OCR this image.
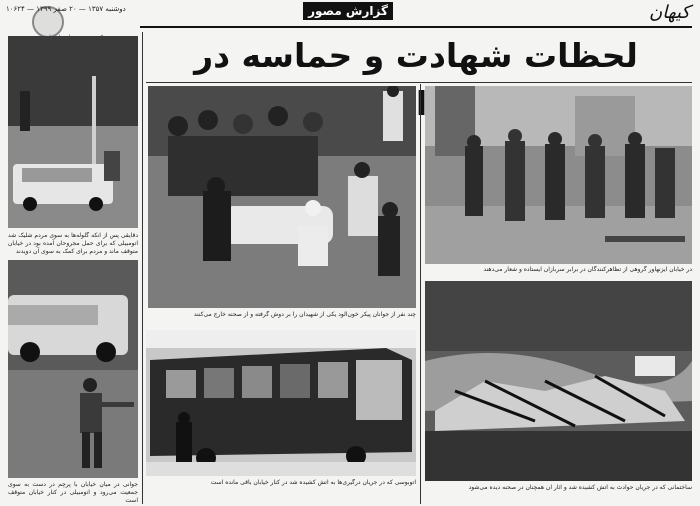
دوشنبه ۱۳۵۷ — ۲۰ صفر ۱۳۹۹ — ۱۰۶۲۴	گزارش مصور	کیهان
لحظات شهادت و حماسه در
دقایقی پس از آنکه گلوله‌ها به سوی مردم شلیک شد اتومبیلی که برای حمل مجروحان آمده بود در خیابان متوقف ماند و مردم برای کمک به سوی آن دویدند
جوانی در میان خیابان با پرچم در دست به سوی جمعیت می‌رود و اتومبیلی در کنار خیابان متوقف است
چند نفر از جوانان پیکر خون‌آلود یکی از شهیدان را بر دوش گرفته و از صحنه خارج می‌کنند
اتوبوسی که در جریان درگیری‌ها به آتش کشیده شد در کنار خیابان باقی مانده است
در خیابان آیزنهاور گروهی از تظاهرکنندگان در برابر سربازان ایستاده و شعار می‌دهند
ساختمانی که در جریان حوادث به آتش کشیده شد و آثار آن همچنان در صحنه دیده می‌شود
